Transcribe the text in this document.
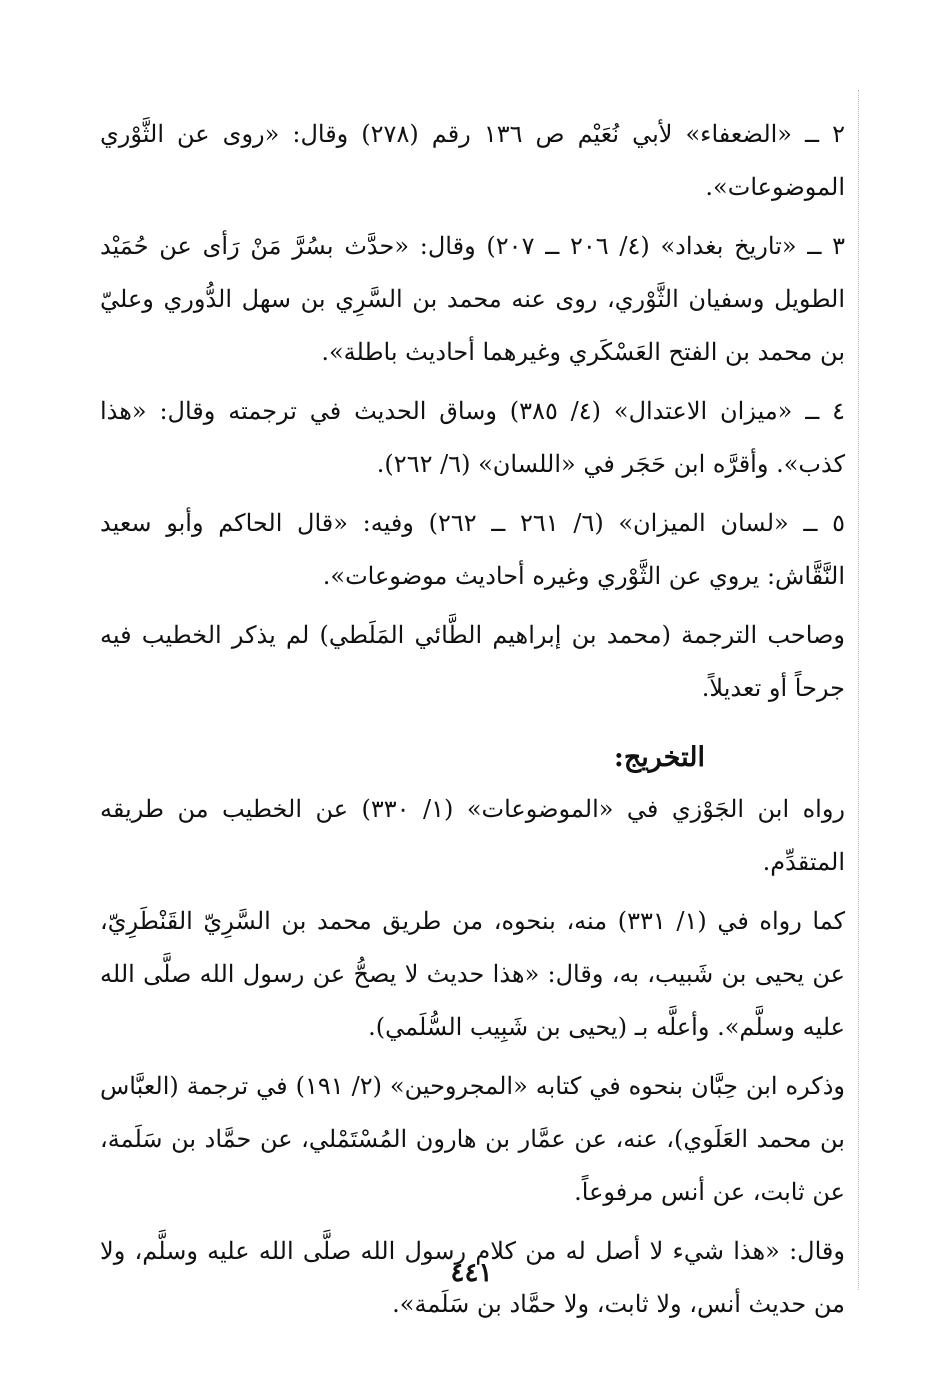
٢ ــ «الضعفاء» لأبي نُعَيْم ص ١٣٦ رقم (٢٧٨) وقال: «روى عن الثَّوْري الموضوعات».

٣ ــ «تاريخ بغداد» (٤/ ٢٠٦ ــ ٢٠٧) وقال: «حدَّث بسُرَّ مَنْ رَأى عن حُمَيْد الطويل وسفيان الثَّوْري، روى عنه محمد بن السَّرِي بن سهل الدُّوري وعليّ بن محمد بن الفتح العَسْكَري وغيرهما أحاديث باطلة».

٤ ــ «ميزان الاعتدال» (٤/ ٣٨٥) وساق الحديث في ترجمته وقال: «هذا كذب». وأقرَّه ابن حَجَر في «اللسان» (٦/ ٢٦٢).

٥ ــ «لسان الميزان» (٦/ ٢٦١ ــ ٢٦٢) وفيه: «قال الحاكم وأبو سعيد النَّقَّاش: يروي عن الثَّوْري وغيره أحاديث موضوعات».

وصاحب الترجمة (محمد بن إبراهيم الطَّائي المَلَطي) لم يذكر الخطيب فيه جرحاً أو تعديلاً.

التخريج:

رواه ابن الجَوْزي في «الموضوعات» (١/ ٣٣٠) عن الخطيب من طريقه المتقدِّم.

كما رواه في (١/ ٣٣١) منه، بنحوه، من طريق محمد بن السَّرِيّ القَنْطَرِيّ، عن يحيى بن شَبيب، به، وقال: «هذا حديث لا يصحُّ عن رسول الله صلَّى الله عليه وسلَّم». وأعلَّه بـ (يحيى بن شَبِيب السُّلَمي).

وذكره ابن حِبَّان بنحوه في كتابه «المجروحين» (٢/ ١٩١) في ترجمة (العبَّاس بن محمد العَلَوي)، عنه، عن عمَّار بن هارون المُسْتَمْلي، عن حمَّاد بن سَلَمة، عن ثابت، عن أنس مرفوعاً.

وقال: «هذا شيء لا أصل له من كلام رسول الله صلَّى الله عليه وسلَّم، ولا من حديث أنس، ولا ثابت، ولا حمَّاد بن سَلَمة».

٤٤١
